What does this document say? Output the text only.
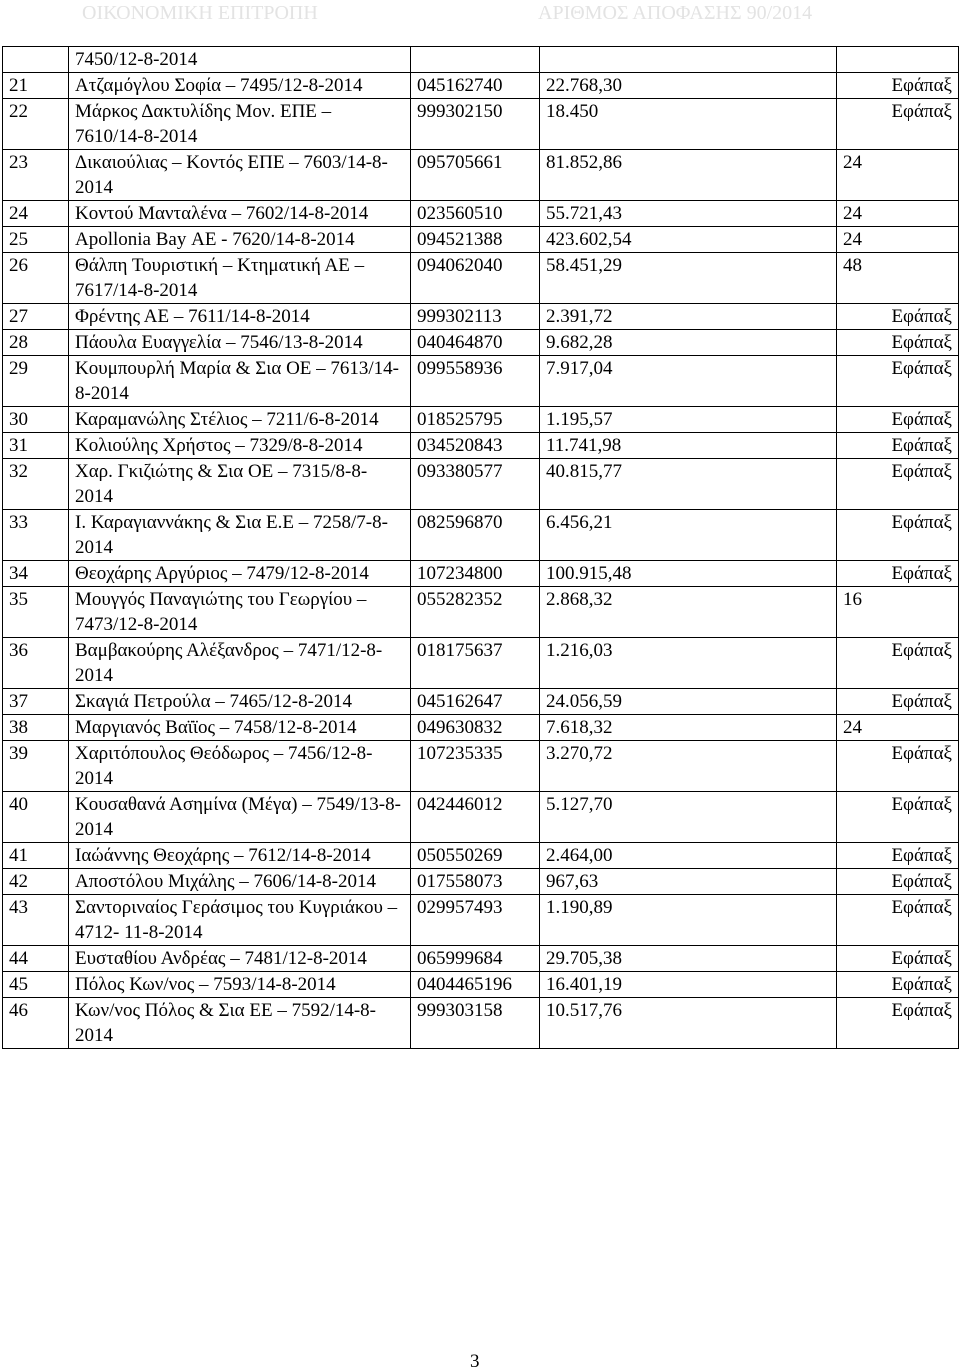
ΟΙΚΟΝΟΜΙΚΗ ΕΠΙΤΡΟΠΗ	ΑΡΙΘΜΟΣ ΑΠΟΦΑΣΗΣ 90/2014
	7450/12-8-2014			
21	Ατζαμόγλου Σοφία – 7495/12-8-2014	045162740	22.768,30	Εφάπαξ
22	Μάρκος Δακτυλίδης Μον. ΕΠΕ – 7610/14-8-2014	999302150	18.450	Εφάπαξ
23	Δικαιούλιας – Κοντός ΕΠΕ – 7603/14-8-2014	095705661	81.852,86	24
24	Κοντού Μανταλένα – 7602/14-8-2014	023560510	55.721,43	24
25	Apollonia Bay ΑΕ - 7620/14-8-2014	094521388	423.602,54	24
26	Θάλπη Τουριστική – Κτηματική ΑΕ – 7617/14-8-2014	094062040	58.451,29	48
27	Φρέντης ΑΕ – 7611/14-8-2014	999302113	2.391,72	Εφάπαξ
28	Πάουλα Ευαγγελία – 7546/13-8-2014	040464870	9.682,28	Εφάπαξ
29	Κουμπουρλή Μαρία & Σια ΟΕ – 7613/14-8-2014	099558936	7.917,04	Εφάπαξ
30	Καραμανώλης Στέλιος – 7211/6-8-2014	018525795	1.195,57	Εφάπαξ
31	Κολιούλης Χρήστος – 7329/8-8-2014	034520843	11.741,98	Εφάπαξ
32	Χαρ. Γκιζιώτης & Σια ΟΕ – 7315/8-8-2014	093380577	40.815,77	Εφάπαξ
33	Ι. Καραγιαννάκης & Σια Ε.Ε – 7258/7-8-2014	082596870	6.456,21	Εφάπαξ
34	Θεοχάρης Αργύριος – 7479/12-8-2014	107234800	100.915,48	Εφάπαξ
35	Μουγγός Παναγιώτης του Γεωργίου – 7473/12-8-2014	055282352	2.868,32	16
36	Βαμβακούρης Αλέξανδρος – 7471/12-8-2014	018175637	1.216,03	Εφάπαξ
37	Σκαγιά Πετρούλα – 7465/12-8-2014	045162647	24.056,59	Εφάπαξ
38	Μαργιανός Βαϊϊος – 7458/12-8-2014	049630832	7.618,32	24
39	Χαριτόπουλος Θεόδωρος – 7456/12-8-2014	107235335	3.270,72	Εφάπαξ
40	Κουσαθανά Ασημίνα (Μέγα) – 7549/13-8-2014	042446012	5.127,70	Εφάπαξ
41	Ιαώάννης Θεοχάρης – 7612/14-8-2014	050550269	2.464,00	Εφάπαξ
42	Αποστόλου Μιχάλης – 7606/14-8-2014	017558073	967,63	Εφάπαξ
43	Σαντοριναίος Γεράσιμος του Κυγριάκου – 4712- 11-8-2014	029957493	1.190,89	Εφάπαξ
44	Ευσταθίου Ανδρέας – 7481/12-8-2014	065999684	29.705,38	Εφάπαξ
45	Πόλος Κων/νος – 7593/14-8-2014	0404465196	16.401,19	Εφάπαξ
46	Κων/νος Πόλος & Σια ΕΕ – 7592/14-8-2014	999303158	10.517,76	Εφάπαξ
3
